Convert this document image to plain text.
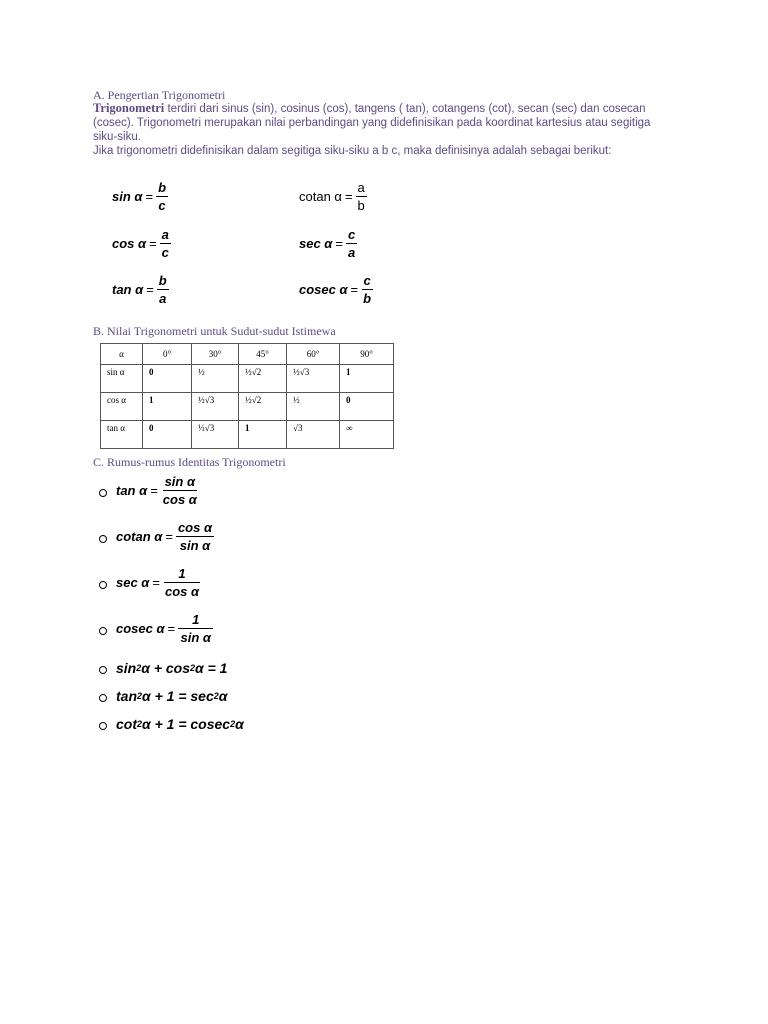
A. Pengertian Trigonometri
Trigonometri terdiri dari sinus (sin), cosinus (cos), tangens ( tan), cotangens (cot), secan (sec) dan cosecan (cosec). Trigonometri merupakan nilai perbandingan yang didefinisikan pada koordinat kartesius atau segitiga siku-siku.
Jika trigonometri didefinisikan dalam segitiga siku-siku a b c, maka definisinya adalah sebagai berikut:
$\sin \alpha = \frac{b}{c}$	cotan $\alpha = \frac{a}{b}$
$\cos \alpha = \frac{a}{c}$	$\sec \alpha = \frac{c}{a}$
$\tan \alpha = \frac{b}{a}$	cosec $\alpha = \frac{c}{b}$
B. Nilai Trigonometri untuk Sudut-sudut Istimewa
α	0°	30°	45°	60°	90°
sin α	0	½	½√2	½√3	1
cos α	1	½√3	½√2	½	0
tan α	0	⅓√3	1	√3	∞
C. Rumus-rumus Identitas Trigonometri
$\tan \alpha = \frac{\text{sin α}}{\text{cos α}}$
cotan $\alpha = \frac{\text{cos α}}{\text{sin α}}$
$\sec \alpha = \frac{1}{\text{cos α}}$
cosec $\alpha = \frac{1}{\text{sin α}}$
sin 2 α + cos 2 α = 1
tan 2 α + 1 = sec 2 α
cot 2 α + 1 = cosec 2 α
